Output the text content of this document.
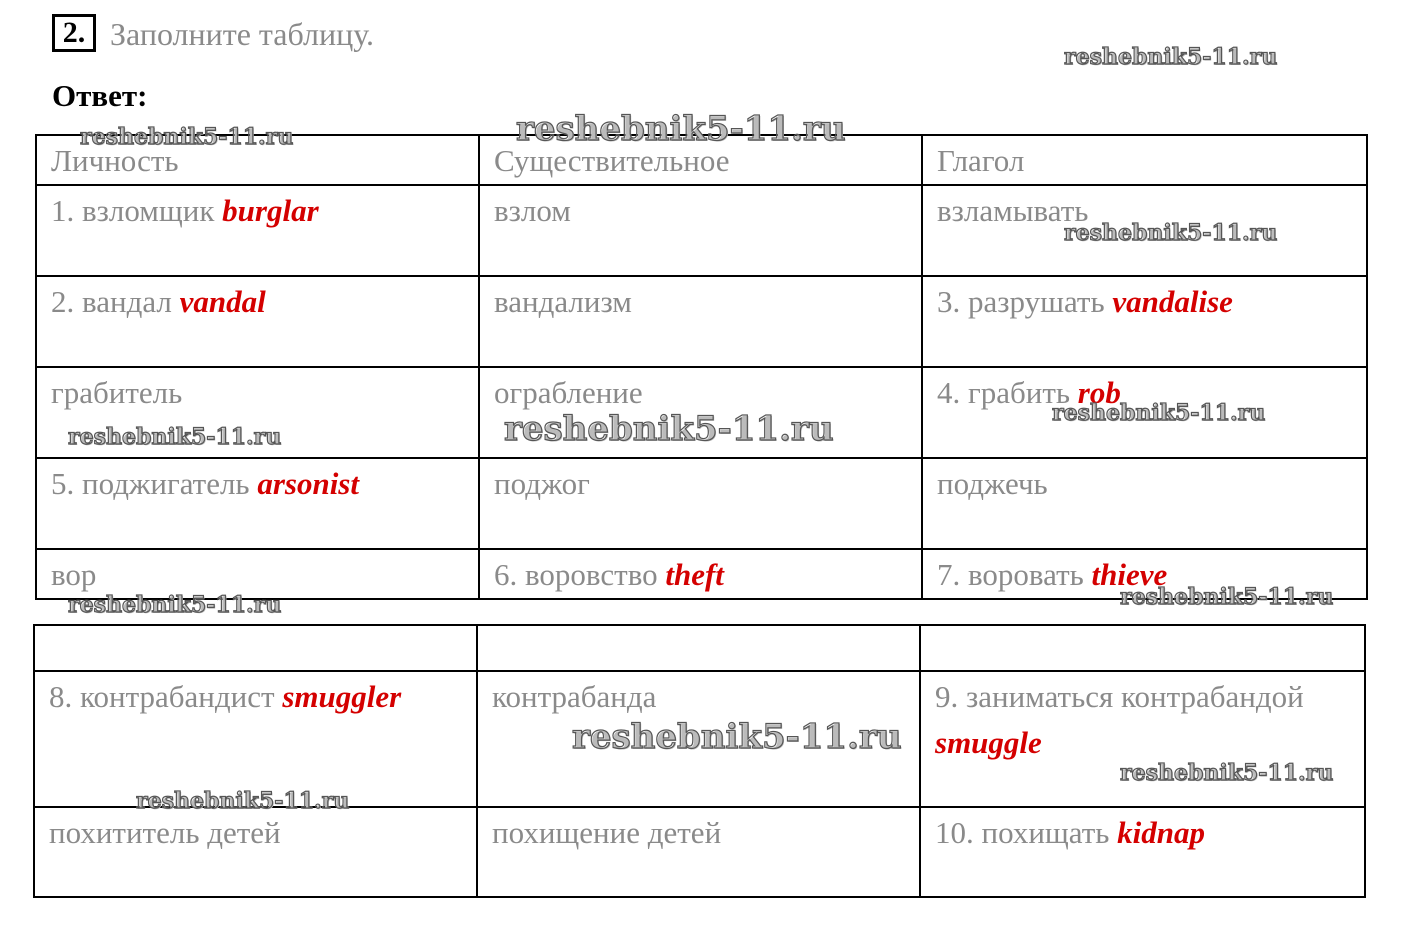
2. Заполните таблицу.
Ответ:
Личность	Существительное	Глагол
1. взломщик burglar	взлом	взламывать
2. вандал vandal	вандализм	3. разрушать vandalise
грабитель	ограбление	4. грабить rob
5. поджигатель arsonist	поджог	поджечь
вор	6. воровство theft	7. воровать thieve

8. контрабандист smuggler	контрабанда	9. заниматься контрабандой smuggle
похититель детей	похищение детей	10. похищать kidnap
reshebnik5-11.ru
reshebnik5-11.ru	reshebnik5-11.ru
reshebnik5-11.ru
reshebnik5-11.ru
reshebnik5-11.ru	reshebnik5-11.ru
reshebnik5-11.ru	reshebnik5-11.ru
reshebnik5-11.ru
reshebnik5-11.ru
reshebnik5-11.ru
